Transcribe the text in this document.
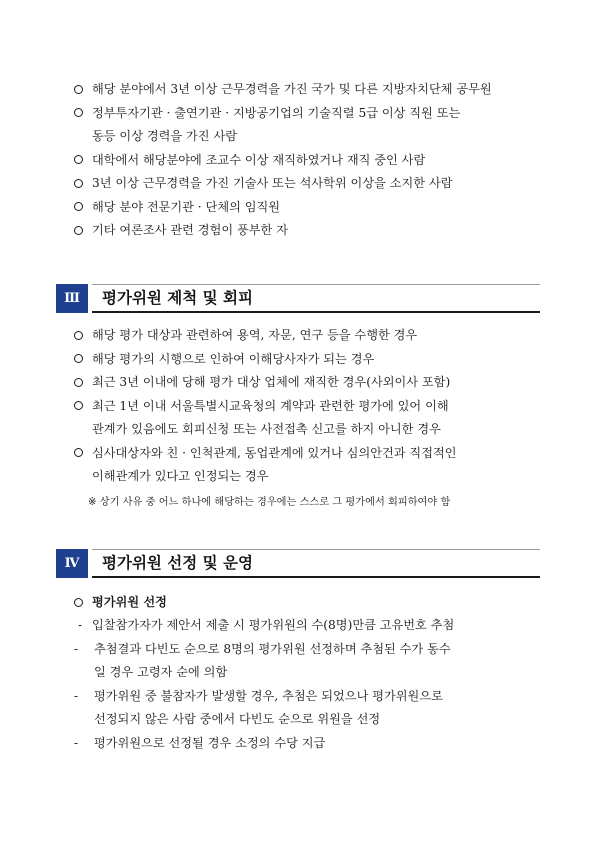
해당 분야에서 3년 이상 근무경력을 가진 국가 및 다른 지방자치단체 공무원
정부투자기관 · 출연기관 · 지방공기업의 기술직렬 5급 이상 직원 또는
동등 이상 경력을 가진 사람
대학에서 해당분야에 조교수 이상 재직하였거나 재직 중인 사람
3년 이상 근무경력을 가진 기술사 또는 석사학위 이상을 소지한 사람
해당 분야 전문기관 · 단체의 임직원
기타 여론조사 관련 경험이 풍부한 자
Ⅲ	평가위원 제척 및 회피
해당 평가 대상과 관련하여 용역, 자문, 연구 등을 수행한 경우
해당 평가의 시행으로 인하여 이해당사자가 되는 경우
최근 3년 이내에 당해 평가 대상 업체에 재직한 경우(사외이사 포함)
최근 1년 이내 서울특별시교육청의 계약과 관련한 평가에 있어 이해
관계가 있음에도 회피신청 또는 사전접촉 신고를 하지 아니한 경우
심사대상자와 친 · 인척관계, 동업관계에 있거나 심의안건과 직접적인
이해관계가 있다고 인정되는 경우
※ 상기 사유 중 어느 하나에 해당하는 경우에는 스스로 그 평가에서 회피하여야 함
Ⅳ	평가위원 선정 및 운영
평가위원 선정
- 입찰참가자가 제안서 제출 시 평가위원의 수(8명)만큼 고유번호 추첨
-	추첨결과 다빈도 순으로 8명의 평가위원 선정하며 추첨된 수가 동수
일 경우 고령자 순에 의함
-	평가위원 중 불참자가 발생할 경우, 추첨은 되었으나 평가위원으로
선정되지 않은 사람 중에서 다빈도 순으로 위원을 선정
-	평가위원으로 선정될 경우 소정의 수당 지급
